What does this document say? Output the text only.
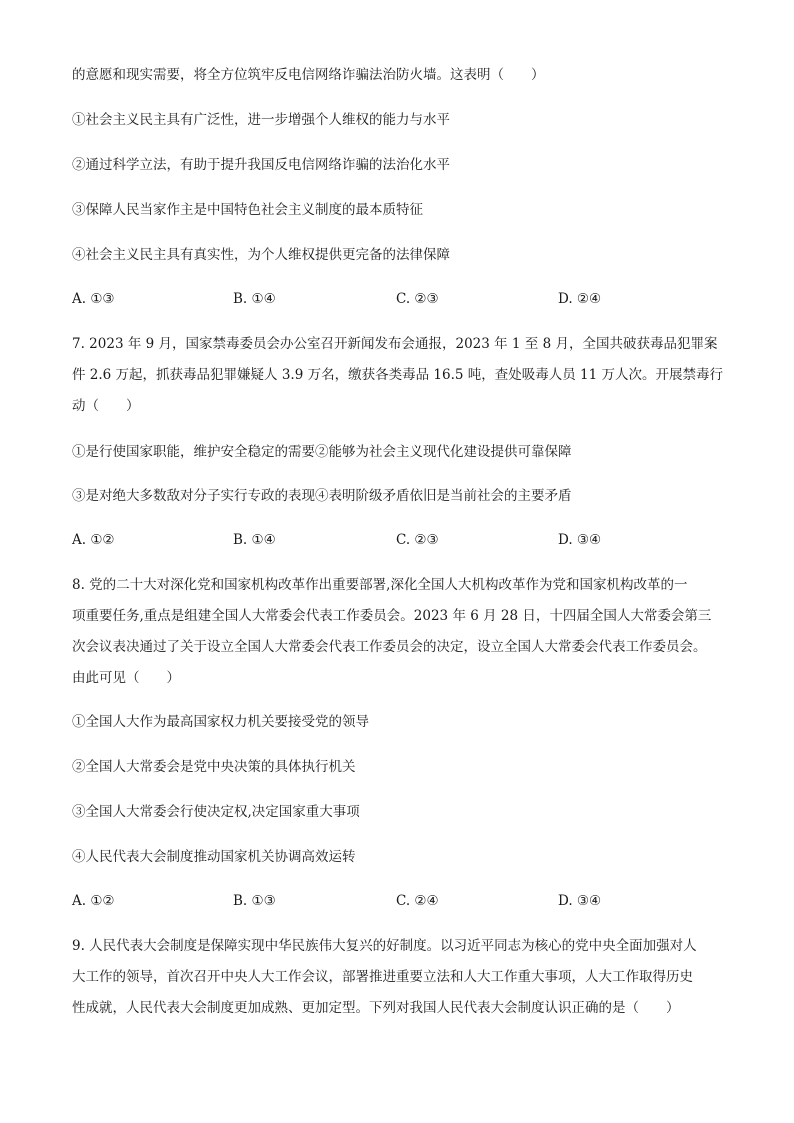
的意愿和现实需要，将全方位筑牢反电信网络诈骗法治防火墙。这表明（　　）
①社会主义民主具有广泛性，进一步增强个人维权的能力与水平
②通过科学立法，有助于提升我国反电信网络诈骗的法治化水平
③保障人民当家作主是中国特色社会主义制度的最本质特征
④社会主义民主具有真实性，为个人维权提供更完备的法律保障
A. ①③	B. ①④	C. ②③	D. ②④
7. 2023 年 9 月，国家禁毒委员会办公室召开新闻发布会通报，2023 年 1 至 8 月，全国共破获毒品犯罪案
件 2.6 万起，抓获毒品犯罪嫌疑人 3.9 万名，缴获各类毒品 16.5 吨，查处吸毒人员 11 万人次。开展禁毒行
动（　　）
①是行使国家职能，维护安全稳定的需要②能够为社会主义现代化建设提供可靠保障
③是对绝大多数敌对分子实行专政的表现④表明阶级矛盾依旧是当前社会的主要矛盾
A. ①②	B. ①④	C. ②③	D. ③④
8. 党的二十大对深化党和国家机构改革作出重要部署,深化全国人大机构改革作为党和国家机构改革的一
项重要任务,重点是组建全国人大常委会代表工作委员会。2023 年 6 月 28 日，十四届全国人大常委会第三
次会议表决通过了关于设立全国人大常委会代表工作委员会的决定，设立全国人大常委会代表工作委员会。
由此可见（　　）
①全国人大作为最高国家权力机关要接受党的领导
②全国人大常委会是党中央决策的具体执行机关
③全国人大常委会行使决定权,决定国家重大事项
④人民代表大会制度推动国家机关协调高效运转
A. ①②	B. ①③	C. ②④	D. ③④
9. 人民代表大会制度是保障实现中华民族伟大复兴的好制度。以习近平同志为核心的党中央全面加强对人
大工作的领导，首次召开中央人大工作会议，部署推进重要立法和人大工作重大事项，人大工作取得历史
性成就，人民代表大会制度更加成熟、更加定型。下列对我国人民代表大会制度认识正确的是（　　）
